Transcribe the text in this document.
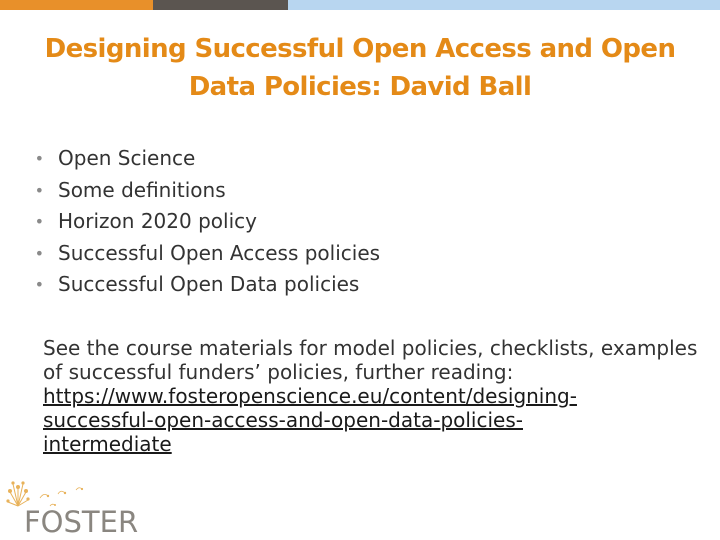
Designing Successful Open Access and Open
Data Policies: David Ball
• Open Science
• Some definitions
• Horizon 2020 policy
• Successful Open Access policies
• Successful Open Data policies
See the course materials for model policies, checklists, examples of successful funders’ policies, further reading:
https://www.fosteropenscience.eu/content/designing-
successful-open-access-and-open-data-policies-
intermediate
FOSTER
